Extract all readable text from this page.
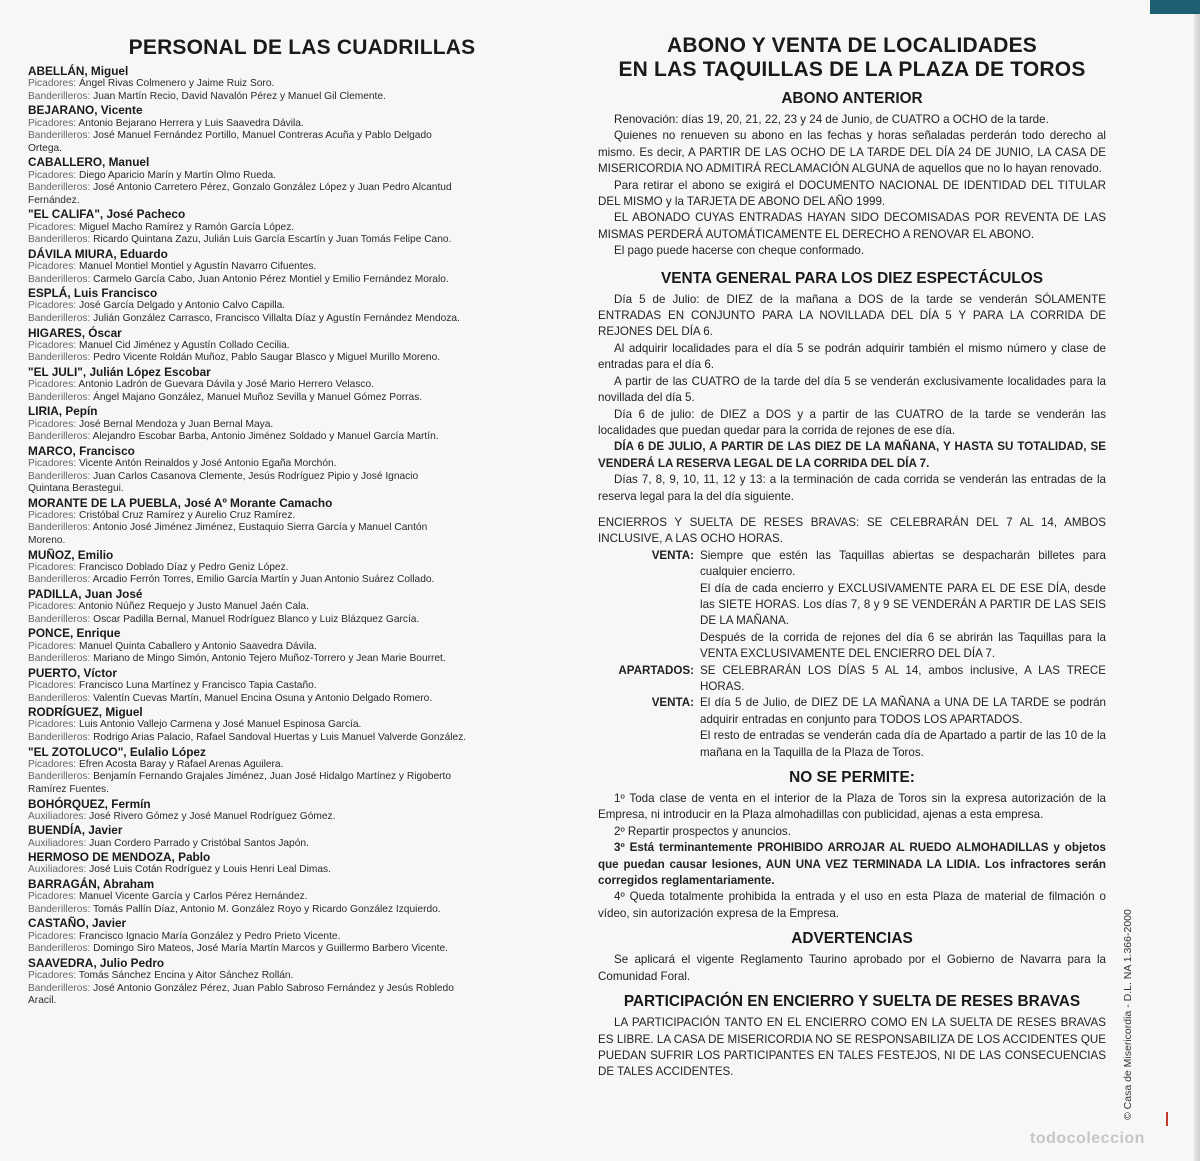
PERSONAL DE LAS CUADRILLAS
ABELLÁN, Miguel
Picadores: Ángel Rivas Colmenero y Jaime Ruiz Soro.
Banderilleros: Juan Martín Recio, David Navalón Pérez y Manuel Gil Clemente.
BEJARANO, Vicente
Picadores: Antonio Bejarano Herrera y Luis Saavedra Dávila.
Banderilleros: José Manuel Fernández Portillo, Manuel Contreras Acuña y Pablo Delgado
Ortega.
CABALLERO, Manuel
Picadores: Diego Aparicio Marín y Martín Olmo Rueda.
Banderilleros: José Antonio Carretero Pérez, Gonzalo González López y Juan Pedro Alcantud
Fernández.
"EL CALIFA", José Pacheco
Picadores: Miguel Macho Ramírez y Ramón García López.
Banderilleros: Ricardo Quintana Zazu, Julián Luis García Escartín y Juan Tomás Felipe Cano.
DÁVILA MIURA, Eduardo
Picadores: Manuel Montiel Montiel y Agustín Navarro Cifuentes.
Banderilleros: Carmelo García Cabo, Juan Antonio Pérez Montiel y Emilio Fernández Moralo.
ESPLÁ, Luis Francisco
Picadores: José García Delgado y Antonio Calvo Capilla.
Banderilleros: Julián González Carrasco, Francisco Villalta Díaz y Agustín Fernández Mendoza.
HIGARES, Óscar
Picadores: Manuel Cid Jiménez y Agustín Collado Cecilia.
Banderilleros: Pedro Vicente Roldán Muñoz, Pablo Saugar Blasco y Miguel Murillo Moreno.
"EL JULI", Julián López Escobar
Picadores: Antonio Ladrón de Guevara Dávila y José Mario Herrero Velasco.
Banderilleros: Ángel Majano González, Manuel Muñoz Sevilla y Manuel Gómez Porras.
LIRIA, Pepín
Picadores: José Bernal Mendoza y Juan Bernal Maya.
Banderilleros: Alejandro Escobar Barba, Antonio Jiménez Soldado y Manuel García Martín.
MARCO, Francisco
Picadores: Vicente Antón Reinaldos y José Antonio Egaña Morchón.
Banderilleros: Juan Carlos Casanova Clemente, Jesús Rodríguez Pipio y José Ignacio
Quintana Berastegui.
MORANTE DE LA PUEBLA, José Aº Morante Camacho
Picadores: Cristóbal Cruz Ramírez y Aurelio Cruz Ramírez.
Banderilleros: Antonio José Jiménez Jiménez, Eustaquio Sierra García y Manuel Cantón
Moreno.
MUÑOZ, Emilio
Picadores: Francisco Doblado Díaz y Pedro Geniz López.
Banderilleros: Arcadio Ferrón Torres, Emilio García Martín y Juan Antonio Suárez Collado.
PADILLA, Juan José
Picadores: Antonio Núñez Requejo y Justo Manuel Jaén Cala.
Banderilleros: Oscar Padilla Bernal, Manuel Rodríguez Blanco y Luiz Blázquez García.
PONCE, Enrique
Picadores: Manuel Quinta Caballero y Antonio Saavedra Dávila.
Banderilleros: Mariano de Mingo Simón, Antonio Tejero Muñoz-Torrero y Jean Marie Bourret.
PUERTO, Víctor
Picadores: Francisco Luna Martínez y Francisco Tapia Castaño.
Banderilleros: Valentín Cuevas Martín, Manuel Encina Osuna y Antonio Delgado Romero.
RODRÍGUEZ, Miguel
Picadores: Luis Antonio Vallejo Carmena y José Manuel Espinosa García.
Banderilleros: Rodrigo Arias Palacio, Rafael Sandoval Huertas y Luis Manuel Valverde González.
"EL ZOTOLUCO", Eulalio López
Picadores: Efren Acosta Baray y Rafael Arenas Aguilera.
Banderilleros: Benjamín Fernando Grajales Jiménez, Juan José Hidalgo Martínez y Rigoberto
Ramírez Fuentes.
BOHÓRQUEZ, Fermín
Auxiliadores: José Rivero Gómez y José Manuel Rodríguez Gómez.
BUENDÍA, Javier
Auxiliadores: Juan Cordero Parrado y Cristóbal Santos Japón.
HERMOSO DE MENDOZA, Pablo
Auxiliadores: José Luis Cotán Rodríguez y Louis Henri Leal Dimas.
BARRAGÁN, Abraham
Picadores: Manuel Vicente García y Carlos Pérez Hernández.
Banderilleros: Tomás Pallín Díaz, Antonio M. González Royo y Ricardo González Izquierdo.
CASTAÑO, Javier
Picadores: Francisco Ignacio María González y Pedro Prieto Vicente.
Banderilleros: Domingo Siro Mateos, José María Martín Marcos y Guillermo Barbero Vicente.
SAAVEDRA, Julio Pedro
Picadores: Tomás Sánchez Encina y Aitor Sánchez Rollán.
Banderilleros: José Antonio González Pérez, Juan Pablo Sabroso Fernández y Jesús Robledo
Aracil.
ABONO Y VENTA DE LOCALIDADES
EN LAS TAQUILLAS DE LA PLAZA DE TOROS
ABONO ANTERIOR

Renovación: días 19, 20, 21, 22, 23 y 24 de Junio, de CUATRO a OCHO de la tarde.

Quienes no renueven su abono en las fechas y horas señaladas perderán todo derecho al mismo. Es decir, A PARTIR DE LAS OCHO DE LA TARDE DEL DÍA 24 DE JUNIO, LA CASA DE MISERICORDIA NO ADMITIRÁ RECLAMACIÓN ALGUNA de aquellos que no lo hayan renovado.

Para retirar el abono se exigirá el DOCUMENTO NACIONAL DE IDENTIDAD DEL TITULAR DEL MISMO y la TARJETA DE ABONO DEL AÑO 1999.

EL ABONADO CUYAS ENTRADAS HAYAN SIDO DECOMISADAS POR REVENTA DE LAS MISMAS PERDERÁ AUTOMÁTICAMENTE EL DERECHO A RENOVAR EL ABONO.

El pago puede hacerse con cheque conformado.

VENTA GENERAL PARA LOS DIEZ ESPECTÁCULOS

Día 5 de Julio: de DIEZ de la mañana a DOS de la tarde se venderán SÓLAMENTE ENTRADAS EN CONJUNTO PARA LA NOVILLADA DEL DÍA 5 Y PARA LA CORRIDA DE REJONES DEL DÍA 6.

Al adquirir localidades para el día 5 se podrán adquirir también el mismo número y clase de entradas para el día 6.

A partir de las CUATRO de la tarde del día 5 se venderán exclusivamente localidades para la novillada del día 5.

Día 6 de julio: de DIEZ a DOS y a partir de las CUATRO de la tarde se venderán las localidades que puedan quedar para la corrida de rejones de ese día.

DÍA 6 DE JULIO, A PARTIR DE LAS DIEZ DE LA MAÑANA, Y HASTA SU TOTALIDAD, SE VENDERÁ LA RESERVA LEGAL DE LA CORRIDA DEL DÍA 7.

Días 7, 8, 9, 10, 11, 12 y 13: a la terminación de cada corrida se venderán las entradas de la reserva legal para la del día siguiente.

ENCIERROS Y SUELTA DE RESES BRAVAS: SE CELEBRARÁN DEL 7 AL 14, AMBOS INCLUSIVE, A LAS OCHO HORAS.
VENTA: Siempre que estén las Taquillas abiertas se despacharán billetes para cualquier encierro.
El día de cada encierro y EXCLUSIVAMENTE PARA EL DE ESE DÍA, desde las SIETE HORAS. Los días 7, 8 y 9 SE VENDERÁN A PARTIR DE LAS SEIS DE LA MAÑANA.
Después de la corrida de rejones del día 6 se abrirán las Taquillas para la VENTA EXCLUSIVAMENTE DEL ENCIERRO DEL DÍA 7.
APARTADOS: SE CELEBRARÁN LOS DÍAS 5 AL 14, ambos inclusive, A LAS TRECE HORAS.
VENTA: El día 5 de Julio, de DIEZ DE LA MAÑANA a UNA DE LA TARDE se podrán adquirir entradas en conjunto para TODOS LOS APARTADOS.
El resto de entradas se venderán cada día de Apartado a partir de las 10 de la mañana en la Taquilla de la Plaza de Toros.
NO SE PERMITE:

1º Toda clase de venta en el interior de la Plaza de Toros sin la expresa autorización de la Empresa, ni introducir en la Plaza almohadillas con publicidad, ajenas a esta empresa.

2º Repartir prospectos y anuncios.

3º Está terminantemente PROHIBIDO ARROJAR AL RUEDO ALMOHADILLAS y objetos que puedan causar lesiones, AUN UNA VEZ TERMINADA LA LIDIA. Los infractores serán corregidos reglamentariamente.

4º Queda totalmente prohibida la entrada y el uso en esta Plaza de material de filmación o vídeo, sin autorización expresa de la Empresa.

ADVERTENCIAS

Se aplicará el vigente Reglamento Taurino aprobado por el Gobierno de Navarra para la Comunidad Foral.

PARTICIPACIÓN EN ENCIERRO Y SUELTA DE RESES BRAVAS

LA PARTICIPACIÓN TANTO EN EL ENCIERRO COMO EN LA SUELTA DE RESES BRAVAS ES LIBRE. LA CASA DE MISERICORDIA NO SE RESPONSABILIZA DE LOS ACCIDENTES QUE PUEDAN SUFRIR LOS PARTICIPANTES EN TALES FESTEJOS, NI DE LAS CONSECUENCIAS DE TALES ACCIDENTES.	© Casa de Misericordia - D.L. NA 1.366-2000
todocoleccion
